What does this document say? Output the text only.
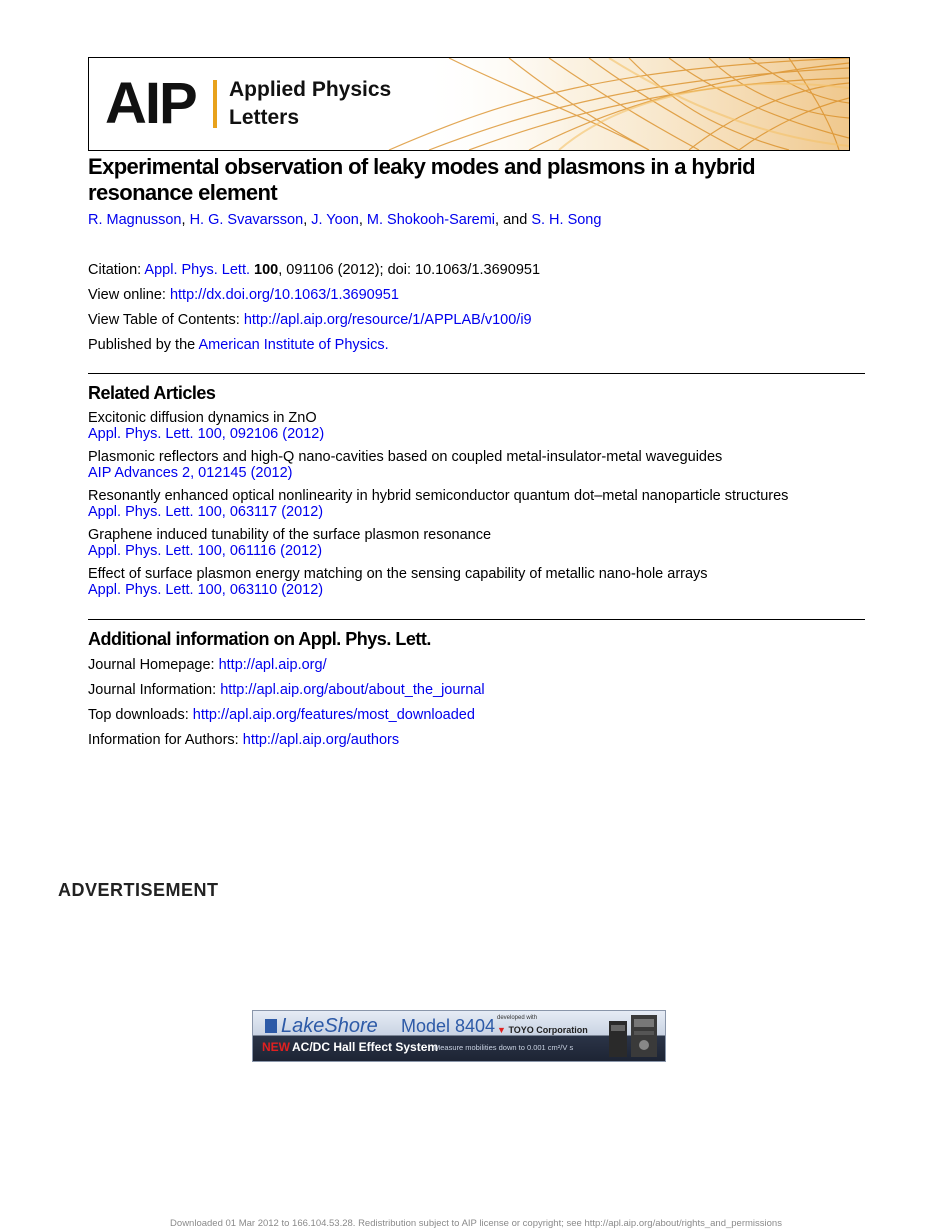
AIP Applied Physics
Letters
Experimental observation of leaky modes and plasmons in a hybrid resonance element
R. Magnusson, H. G. Svavarsson, J. Yoon, M. Shokooh-Saremi, and S. H. Song
Citation: Appl. Phys. Lett. 100, 091106 (2012); doi: 10.1063/1.3690951
View online: http://dx.doi.org/10.1063/1.3690951
View Table of Contents: http://apl.aip.org/resource/1/APPLAB/v100/i9
Published by the American Institute of Physics.
Related Articles
Excitonic diffusion dynamics in ZnO
Appl. Phys. Lett. 100, 092106 (2012)
Plasmonic reflectors and high-Q nano-cavities based on coupled metal-insulator-metal waveguides
AIP Advances 2, 012145 (2012)
Resonantly enhanced optical nonlinearity in hybrid semiconductor quantum dot–metal nanoparticle structures
Appl. Phys. Lett. 100, 063117 (2012)
Graphene induced tunability of the surface plasmon resonance
Appl. Phys. Lett. 100, 061116 (2012)
Effect of surface plasmon energy matching on the sensing capability of metallic nano-hole arrays
Appl. Phys. Lett. 100, 063110 (2012)
Additional information on Appl. Phys. Lett.
Journal Homepage: http://apl.aip.org/
Journal Information: http://apl.aip.org/about/about_the_journal
Top downloads: http://apl.aip.org/features/most_downloaded
Information for Authors: http://apl.aip.org/authors
ADVERTISEMENT
LakeShore Model 8404 developed with
▼ TOYO Corporation
NEW AC/DC Hall Effect System
Measure mobilities down to 0.001 cm²/V s
Downloaded 01 Mar 2012 to 166.104.53.28. Redistribution subject to AIP license or copyright; see http://apl.aip.org/about/rights_and_permissions
